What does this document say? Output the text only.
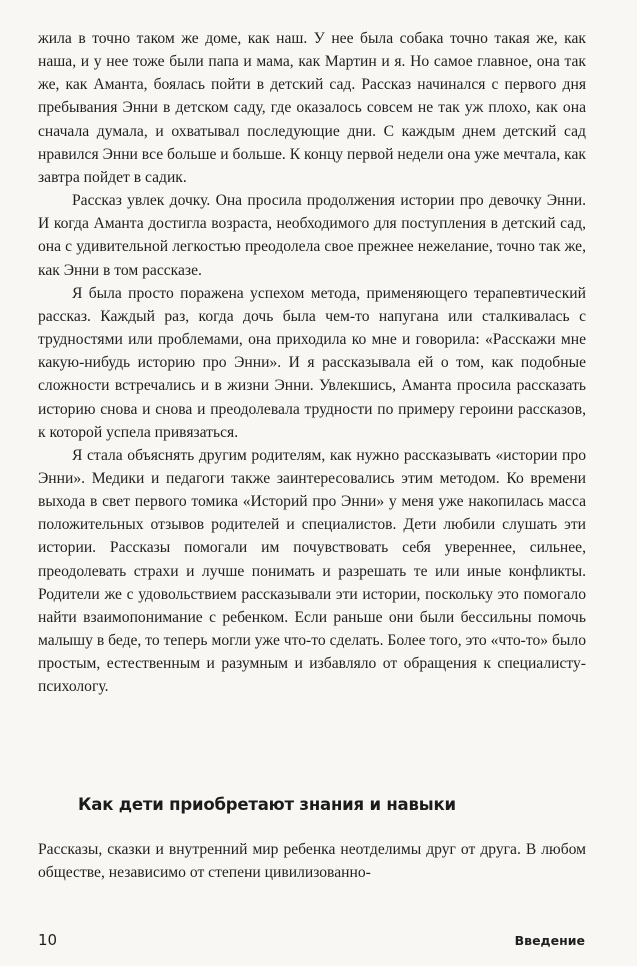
жила в точно таком же доме, как наш. У нее была собака точно такая же, как наша, и у нее тоже были папа и мама, как Мартин и я. Но самое главное, она так же, как Аманта, боялась пойти в детский сад. Рассказ начинался с первого дня пребывания Энни в детском саду, где оказалось совсем не так уж плохо, как она сначала думала, и охватывал последующие дни. С каждым днем детский сад нравился Энни все больше и больше. К концу первой недели она уже мечтала, как завтра пойдет в садик.

Рассказ увлек дочку. Она просила продолжения истории про девочку Энни. И когда Аманта достигла возраста, необходимого для поступления в детский сад, она с удивительной легкостью преодолела свое прежнее нежелание, точно так же, как Энни в том рассказе.

Я была просто поражена успехом метода, применяющего терапевтический рассказ. Каждый раз, когда дочь была чем-то напугана или сталкивалась с трудностями или проблемами, она приходила ко мне и говорила: «Расскажи мне какую-нибудь историю про Энни». И я рассказывала ей о том, как подобные сложности встречались и в жизни Энни. Увлекшись, Аманта просила рассказать историю снова и снова и преодолевала трудности по примеру героини рассказов, к которой успела привязаться.

Я стала объяснять другим родителям, как нужно рассказывать «истории про Энни». Медики и педагоги также заинтересовались этим методом. Ко времени выхода в свет первого томика «Историй про Энни» у меня уже накопилась масса положительных отзывов родителей и специалистов. Дети любили слушать эти истории. Рассказы помогали им почувствовать себя увереннее, сильнее, преодолевать страхи и лучше понимать и разрешать те или иные конфликты. Родители же с удовольствием рассказывали эти истории, поскольку это помогало найти взаимопонимание с ребенком. Если раньше они были бессильны помочь малышу в беде, то теперь могли уже что-то сделать. Более того, это «что-то» было простым, естественным и разумным и избавляло от обращения к специалисту-психологу.

Как дети приобретают знания и навыки

Рассказы, сказки и внутренний мир ребенка неотделимы друг от друга. В любом обществе, независимо от степени цивилизованно-

10	Введение
